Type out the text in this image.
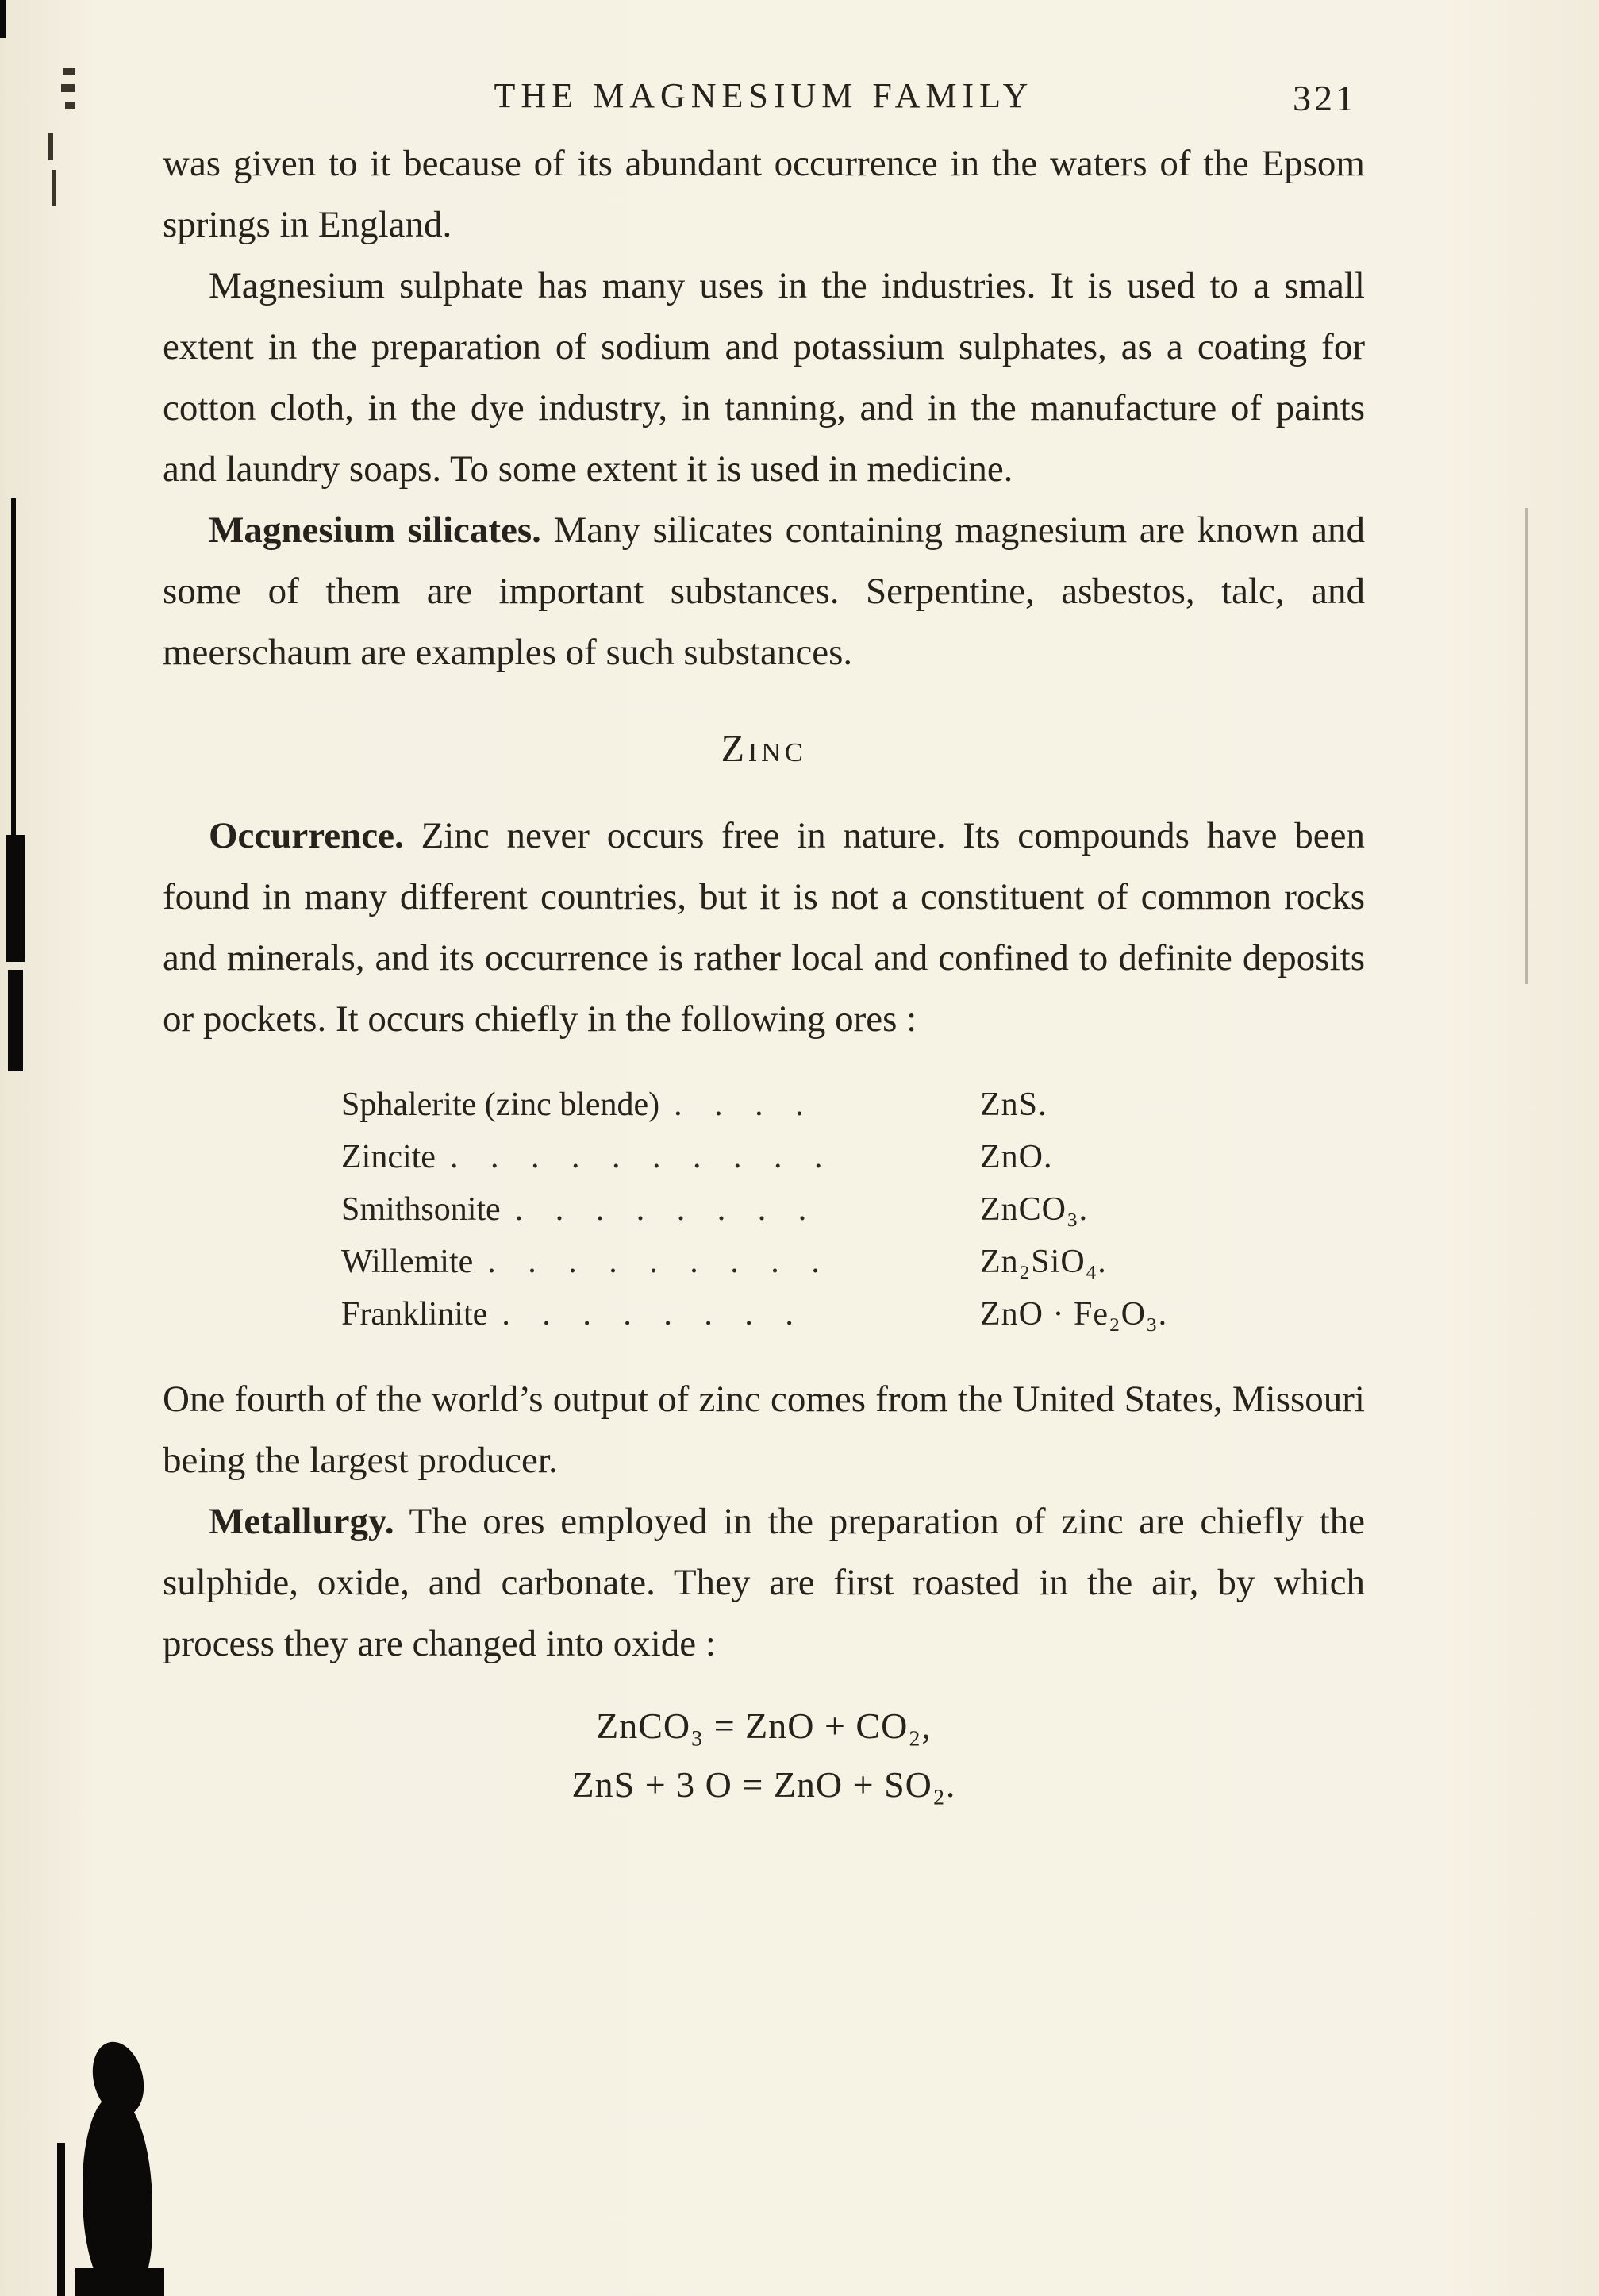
THE MAGNESIUM FAMILY	321

was given to it because of its abundant occurrence in the waters of the Epsom springs in England.

Magnesium sulphate has many uses in the industries. It is used to a small extent in the preparation of sodium and potassium sulphates, as a coating for cotton cloth, in the dye industry, in tanning, and in the manufacture of paints and laundry soaps. To some extent it is used in medicine.

Magnesium silicates. Many silicates containing magnesium are known and some of them are important substances. Serpentine, asbestos, talc, and meerschaum are examples of such substances.

Zinc

Occurrence. Zinc never occurs free in nature. Its compounds have been found in many different countries, but it is not a constituent of common rocks and minerals, and its occurrence is rather local and confined to definite deposits or pockets. It occurs chiefly in the following ores :

Sphalerite (zinc blende) . . . .	ZnS.
Zincite . . . . . . . . . .	ZnO.
Smithsonite . . . . . . . .	ZnCO₃.
Willemite . . . . . . . . .	Zn₂SiO₄.
Franklinite . . . . . . . .	ZnO · Fe₂O₃.

One fourth of the world’s output of zinc comes from the United States, Missouri being the largest producer.

Metallurgy. The ores employed in the preparation of zinc are chiefly the sulphide, oxide, and carbonate. They are first roasted in the air, by which process they are changed into oxide :

ZnCO₃ = ZnO + CO₂,
ZnS + 3 O = ZnO + SO₂.
